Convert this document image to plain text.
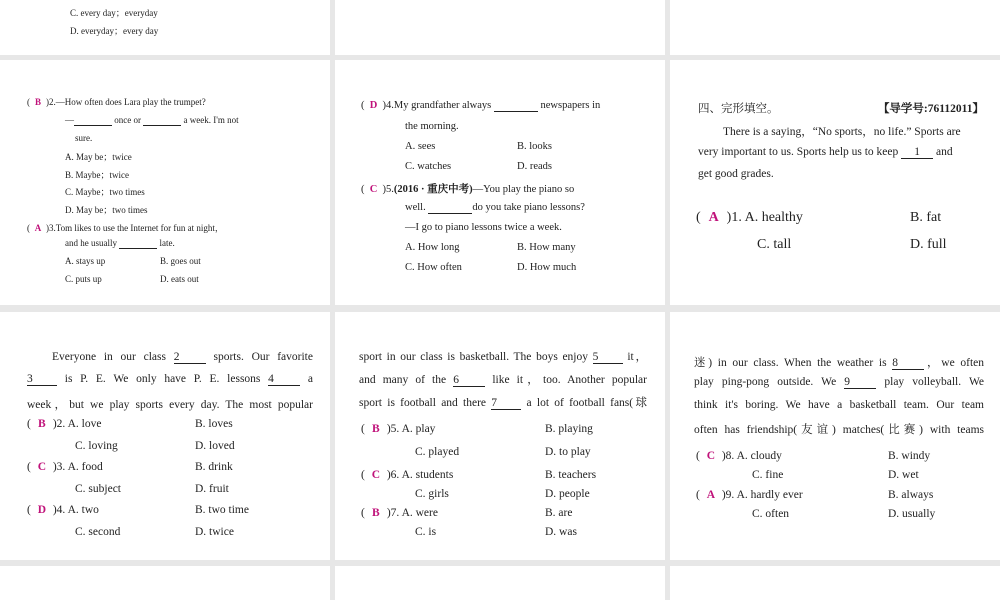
C. every day；everyday
D. everyday；every day
( B )2.—How often does Lara play the trumpet?
—	once or	a week. I'm not
sure.
A. May be；twice
B. Maybe；twice
C. Maybe；two times
D. May be；two times
( A )3.Tom likes to use the Internet for fun at night，
and he usually	late.
A. stays up	B. goes out
C. puts up	D. eats out
( D )4.My grandfather always	newspapers in
the morning.
A. sees	B. looks
C. watches	D. reads
( C )5.(2016 · 重庆中考)—You play the piano so
well.	do you take piano lessons?
—I go to piano lessons twice a week.
A. How long	B. How many
C. How often	D. How much
四、完形填空。	【导学号:76112011】
There is a saying，“No sports，no life.” Sports are
very important to us. Sports help us to keep 1 and
get good grades.
( A )1. A. healthy	B. fat
C. tall	D. full
Everyone in our class 2 sports. Our favorite
3 is P. E. We only have P. E. lessons 4 a
week，but we play sports every day. The most popular
( B )2. A. love	B. loves
C. loving	D. loved
( C )3. A. food	B. drink
C. subject	D. fruit
( D )4. A. two	B. two time
C. second	D. twice
sport in our class is basketball. The boys enjoy 5 it，
and many of the 6 like it，too. Another popular
sport is football and there 7 a lot of football fans(球
( B )5. A. play	B. playing
C. played	D. to play
( C )6. A. students	B. teachers
C. girls	D. people
( B )7. A. were	B. are
C. is	D. was
迷) in our class. When the weather is 8 ，we often
play ping-pong outside. We 9 play volleyball. We
think it's boring. We have a basketball team. Our team
often has friendship(友谊) matches(比赛) with teams
( C )8. A. cloudy	B. windy
C. fine	D. wet
( A )9. A. hardly ever	B. always
C. often	D. usually
